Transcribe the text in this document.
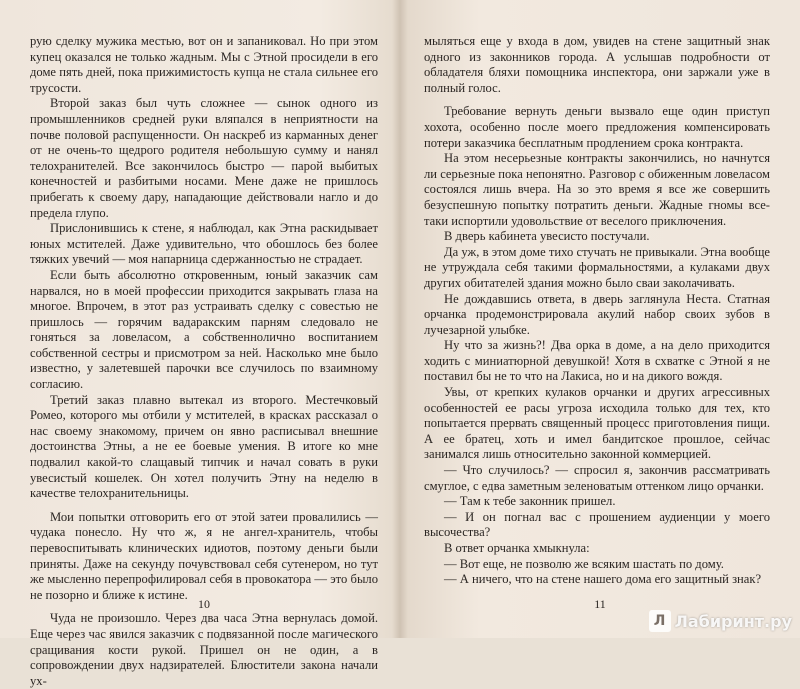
рую сделку мужика местью, вот он и запаниковал. Но при этом купец оказался не только жадным. Мы с Этной просидели в его доме пять дней, пока прижимистость купца не стала сильнее его трусости.

Второй заказ был чуть сложнее — сынок одного из промышленников средней руки вляпался в неприятности на почве половой распущенности. Он наскреб из карманных денег от не очень-то щедрого родителя небольшую сумму и нанял телохранителей. Все закончилось быстро — парой выбитых конечностей и разбитыми носами. Мене даже не пришлось прибегать к своему дару, нападающие действовали нагло и до предела глупо.

Прислонившись к стене, я наблюдал, как Этна раскидывает юных мстителей. Даже удивительно, что обошлось без более тяжких увечий — моя напарница сдержанностью не страдает.

Если быть абсолютно откровенным, юный заказчик сам нарвался, но в моей профессии приходится закрывать глаза на многое. Впрочем, в этот раз устраивать сделку с совестью не пришлось — горячим вадаракским парням следовало не гоняться за ловеласом, а собственнолично воспитанием собственной сестры и присмотром за ней. Насколько мне было известно, у залетевшей парочки все случилось по взаимному согласию.

Третий заказ плавно вытекал из второго. Местечковый Ромео, которого мы отбили у мстителей, в красках рассказал о нас своему знакомому, причем он явно расписывал внешние достоинства Этны, а не ее боевые умения. В итоге ко мне подвалил какой-то слащавый типчик и начал совать в руки увесистый кошелек. Он хотел получить Этну на неделю в качестве телохранительницы.

Мои попытки отговорить его от этой затеи провалились — чудака понесло. Ну что ж, я не ангел-хранитель, чтобы перевоспитывать клинических идиотов, поэтому деньги были приняты. Даже на секунду почувствовал себя сутенером, но тут же мысленно перепрофилировал себя в провокатора — это было не позорно и ближе к истине.

Чуда не произошло. Через два часа Этна вернулась домой. Еще через час явился заказчик с подвязанной после магического сращивания кости рукой. Пришел он не один, а в сопровождении двух надзирателей. Блюстители закона начали ух-

10

мыляться еще у входа в дом, увидев на стене защитный знак одного из законников города. А услышав подробности от обладателя бляхи помощника инспектора, они заржали уже в полный голос.

Требование вернуть деньги вызвало еще один приступ хохота, особенно после моего предложения компенсировать потери заказчика бесплатным продлением срока контракта.

На этом несерьезные контракты закончились, но начнутся ли серьезные пока непонятно. Разговор с обиженным ловеласом состоялся лишь вчера. На зо это время я все же совершить безуспешную попытку потратить деньги. Жадные гномы все-таки испортили удовольствие от веселого приключения.

В дверь кабинета увесисто постучали.

Да уж, в этом доме тихо стучать не привыкали. Этна вообще не утруждала себя такими формальностями, а кулаками двух других обитателей здания можно было сваи заколачивать.

Не дождавшись ответа, в дверь заглянула Неста. Статная орчанка продемонстрировала акулий набор своих зубов в лучезарной улыбке.

Ну что за жизнь?! Два орка в доме, а на дело приходится ходить с миниатюрной девушкой! Хотя в схватке с Этной я не поставил бы не то что на Лакиса, но и на дикого вождя.

Увы, от крепких кулаков орчанки и других агрессивных особенностей ее расы угроза исходила только для тех, кто попытается прервать священный процесс приготовления пищи. А ее братец, хоть и имел бандитское прошлое, сейчас занимался лишь относительно законной коммерцией.

— Что случилось? — спросил я, закончив рассматривать смуглое, с едва заметным зеленоватым оттенком лицо орчанки.

— Там к тебе законник пришел.

— И он погнал вас с прошением аудиенции у моего высочества?

В ответ орчанка хмыкнула:

— Вот еще, не позволю же всяким шастать по дому.

— А ничего, что на стене нашего дома его защитный знак?

11
Л Лабиринт.ру
